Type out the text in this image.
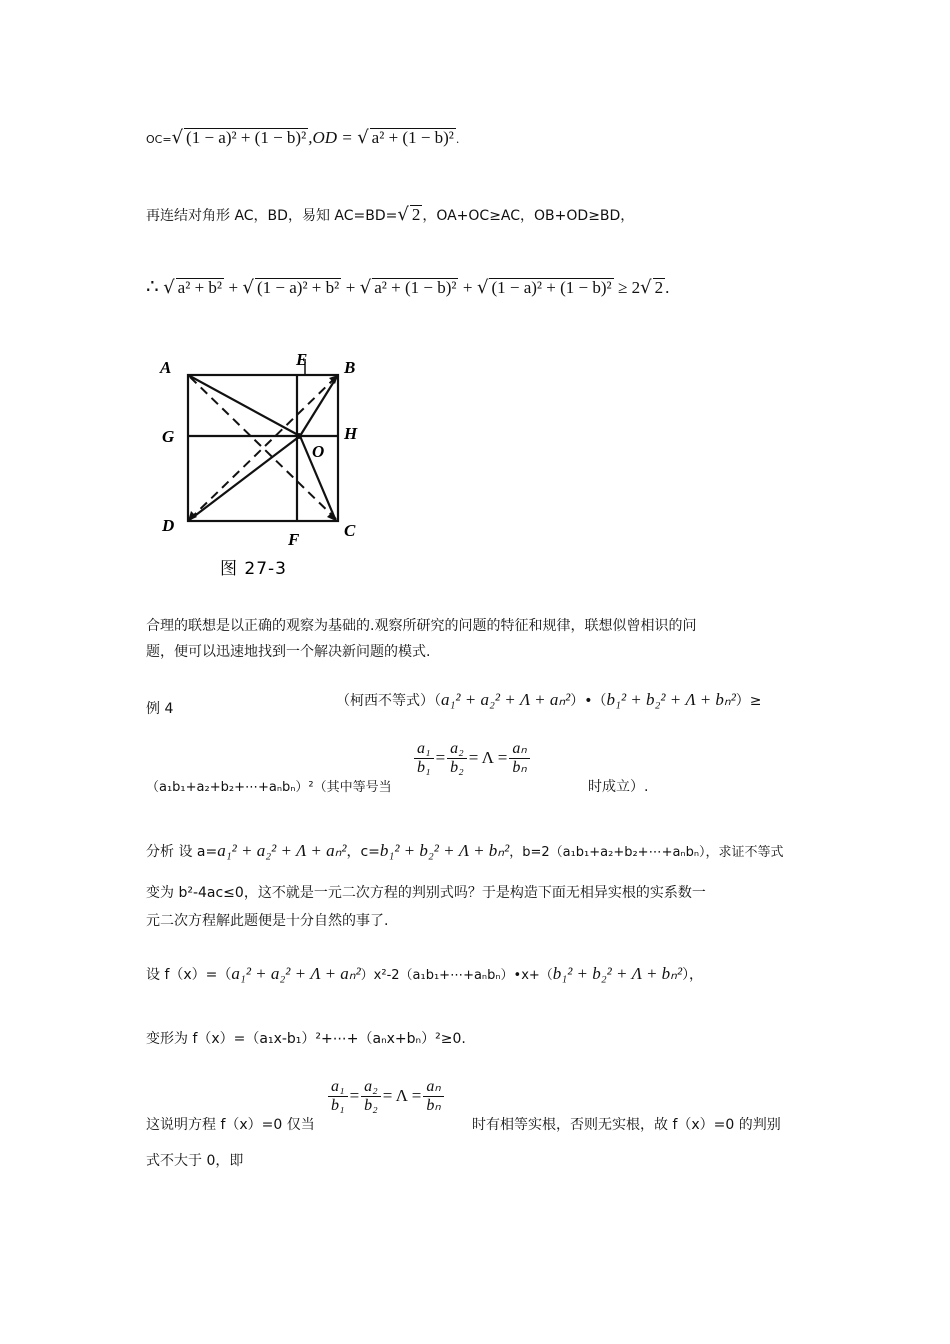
OC=√ (1 − a)² + (1 − b)² ,OD = √ a² + (1 − b)² .
再连结对角形 AC，BD，易知 AC=BD=√ 2 ，OA+OC≥AC，OB+OD≥BD，
∴ √ a² + b² + √ (1 − a)² + b² + √ a² + (1 − b)² + √ (1 − a)² + (1 − b)² ≥ 2√ 2 .
A	E B
G	H
O
D
F	C
图 27-3
合理的联想是以正确的观察为基础的.观察所研究的问题的特征和规律，联想似曾相识的问
题，便可以迅速地找到一个解决新问题的模式.
例 4	（柯西不等式）（a₁² + a₂² + Λ + aₙ²）•（b₁² + b₂² + Λ + bₙ²）≥
$\frac{\text{a₁}}{\text{b₁}} = \frac{\text{a₂}}{\text{b₂}} = \Lambda = \frac{\text{aₙ}}{\text{bₙ}}$
（a₁b₁+a₂+b₂+⋯+aₙbₙ）²（其中等号当	时成立）.
分析 设 a=a₁² + a₂² + Λ + aₙ²，c=b₁² + b₂² + Λ + bₙ²，b=2（a₁b₁+a₂+b₂+⋯+aₙbₙ），求证不等式
变为 b²-4ac≤0，这不就是一元二次方程的判别式吗？于是构造下面无相异实根的实系数一
元二次方程解此题便是十分自然的事了.
设 f（x）=（a₁² + a₂² + Λ + aₙ²）x²-2（a₁b₁+⋯+aₙbₙ）•x+（b₁² + b₂² + Λ + bₙ²），
变形为 f（x）=（a₁x-b₁）²+⋯+（aₙx+bₙ）²≥0.
$\frac{\text{a₁}}{\text{b₁}} = \frac{\text{a₂}}{\text{b₂}} = \Lambda = \frac{\text{aₙ}}{\text{bₙ}}$
这说明方程 f（x）=0 仅当	时有相等实根，否则无实根，故 f（x）=0 的判别
式不大于 0，即
